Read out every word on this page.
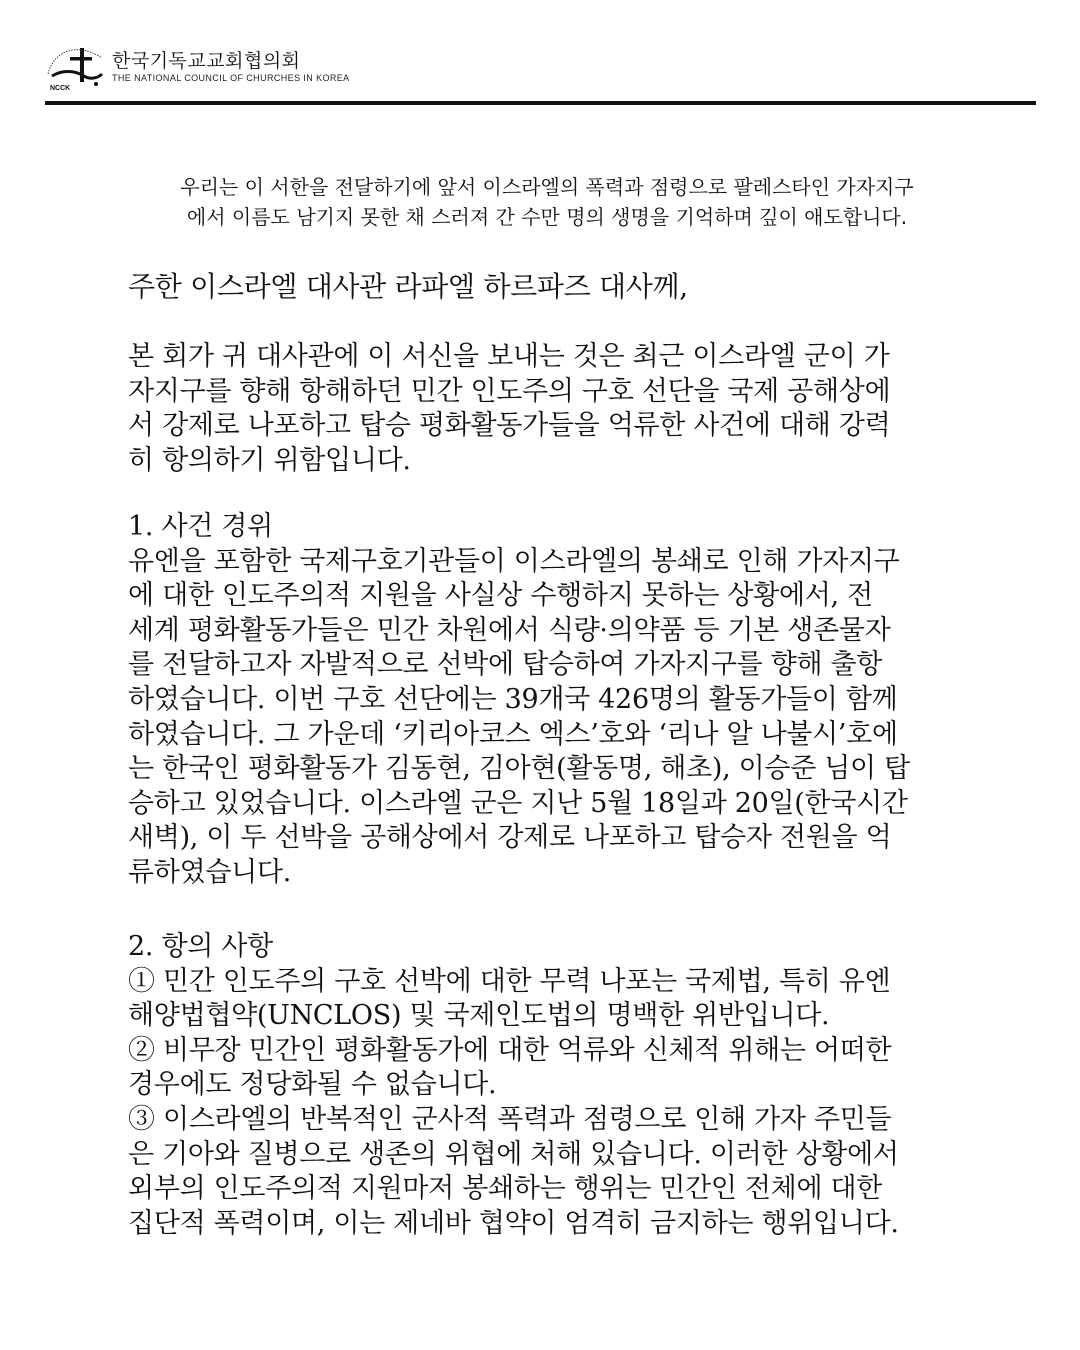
NCCK
한국기독교교회협의회
THE NATIONAL COUNCIL OF CHURCHES IN KOREA
우리는 이 서한을 전달하기에 앞서 이스라엘의 폭력과 점령으로 팔레스타인 가자지구
에서 이름도 남기지 못한 채 스러져 간 수만 명의 생명을 기억하며 깊이 애도합니다.
주한 이스라엘 대사관 라파엘 하르파즈 대사께,
본 회가 귀 대사관에 이 서신을 보내는 것은 최근 이스라엘 군이 가
자지구를 향해 항해하던 민간 인도주의 구호 선단을 국제 공해상에
서 강제로 나포하고 탑승 평화활동가들을 억류한 사건에 대해 강력
히 항의하기 위함입니다.
1. 사건 경위
유엔을 포함한 국제구호기관들이 이스라엘의 봉쇄로 인해 가자지구
에 대한 인도주의적 지원을 사실상 수행하지 못하는 상황에서, 전
세계 평화활동가들은 민간 차원에서 식량·의약품 등 기본 생존물자
를 전달하고자 자발적으로 선박에 탑승하여 가자지구를 향해 출항
하였습니다. 이번 구호 선단에는 39개국 426명의 활동가들이 함께
하였습니다. 그 가운데 ‘키리아코스 엑스’호와 ‘리나 알 나불시’호에
는 한국인 평화활동가 김동현, 김아현(활동명, 해초), 이승준 님이 탑
승하고 있었습니다. 이스라엘 군은 지난 5월 18일과 20일(한국시간
새벽), 이 두 선박을 공해상에서 강제로 나포하고 탑승자 전원을 억
류하였습니다.
2. 항의 사항
① 민간 인도주의 구호 선박에 대한 무력 나포는 국제법, 특히 유엔
해양법협약(UNCLOS) 및 국제인도법의 명백한 위반입니다.
② 비무장 민간인 평화활동가에 대한 억류와 신체적 위해는 어떠한
경우에도 정당화될 수 없습니다.
③ 이스라엘의 반복적인 군사적 폭력과 점령으로 인해 가자 주민들
은 기아와 질병으로 생존의 위협에 처해 있습니다. 이러한 상황에서
외부의 인도주의적 지원마저 봉쇄하는 행위는 민간인 전체에 대한
집단적 폭력이며, 이는 제네바 협약이 엄격히 금지하는 행위입니다.
